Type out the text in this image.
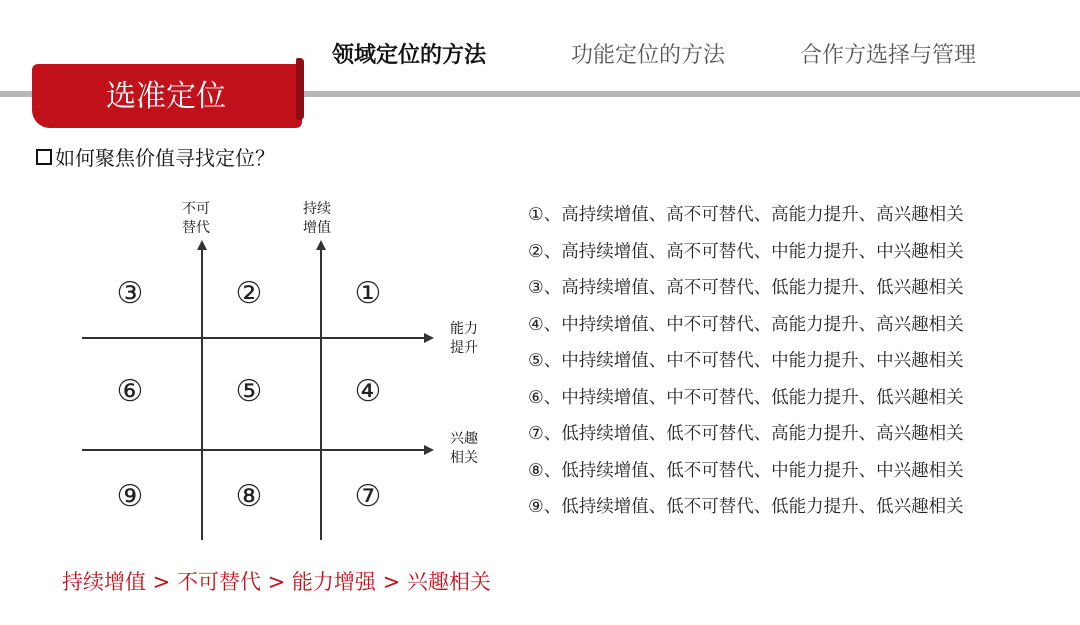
领域定位的方法	功能定位的方法	合作方选择与管理
选准定位
如何聚焦价值寻找定位？
不可
替代
持续
增值
能力
提升
兴趣
相关
③	②	①
⑥	⑤	④
⑨	⑧	⑦
①、高持续增值、高不可替代、高能力提升、高兴趣相关
②、高持续增值、高不可替代、中能力提升、中兴趣相关
③、高持续增值、高不可替代、低能力提升、低兴趣相关
④、中持续增值、中不可替代、高能力提升、高兴趣相关
⑤、中持续增值、中不可替代、中能力提升、中兴趣相关
⑥、中持续增值、中不可替代、低能力提升、低兴趣相关
⑦、低持续增值、低不可替代、高能力提升、高兴趣相关
⑧、低持续增值、低不可替代、中能力提升、中兴趣相关
⑨、低持续增值、低不可替代、低能力提升、低兴趣相关
持续增值 > 不可替代 > 能力增强 > 兴趣相关
